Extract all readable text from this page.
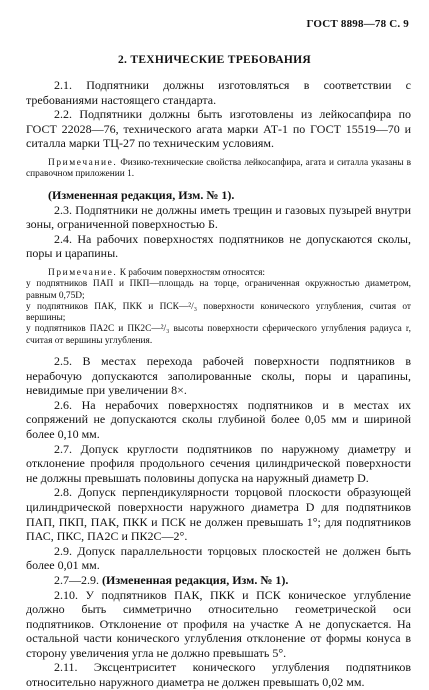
ГОСТ 8898—78 С. 9
2. ТЕХНИЧЕСКИЕ ТРЕБОВАНИЯ

2.1. Подпятники должны изготовляться в соответствии с требованиями настоящего стандарта.

2.2. Подпятники должны быть изготовлены из лейкосапфира по ГОСТ 22028—76, технического агата марки АТ-1 по ГОСТ 15519—70 и ситалла марки ТЦ-27 по техническим условиям.

Примечание. Физико-технические свойства лейкосапфира, агата и ситалла указаны в справочном приложении 1.

(Измененная редакция, Изм. № 1).

2.3. Подпятники не должны иметь трещин и газовых пузырей внутри зоны, ограниченной поверхностью Б.

2.4. На рабочих поверхностях подпятников не допускаются сколы, поры и царапины.

Примечание. К рабочим поверхностям относятся:
у подпятников ПАП и ПКП—площадь на торце, ограниченная окружностью диаметром, равным 0,75D;
у подпятников ПАК, ПКК и ПСК—²/₃ поверхности конического углубления, считая от вершины;
у подпятников ПА2С и ПК2С—²/₃ высоты поверхности сферического углубления радиуса r, считая от вершины углубления.

2.5. В местах перехода рабочей поверхности подпятников в нерабочую допускаются заполированные сколы, поры и царапины, невидимые при увеличении 8×.

2.6. На нерабочих поверхностях подпятников и в местах их сопряжений не допускаются сколы глубиной более 0,05 мм и шириной более 0,10 мм.

2.7. Допуск круглости подпятников по наружному диаметру и отклонение профиля продольного сечения цилиндрической поверхности не должны превышать половины допуска на наружный диаметр D.

2.8. Допуск перпендикулярности торцовой плоскости образующей цилиндрической поверхности наружного диаметра D для подпятников ПАП, ПКП, ПАК, ПКК и ПСК не должен превышать 1°; для подпятников ПАС, ПКС, ПА2С и ПК2С—2°.

2.9. Допуск параллельности торцовых плоскостей не должен быть более 0,01 мм.

2.7—2.9. (Измененная редакция, Изм. № 1).

2.10. У подпятников ПАК, ПКК и ПСК коническое углубление должно быть симметрично относительно геометрической оси подпятников. Отклонение от профиля на участке А не допускается. На остальной части конического углубления отклонение от формы конуса в сторону увеличения угла не должно превышать 5°.

2.11. Эксцентриситет конического углубления подпятников относительно наружного диаметра не должен превышать 0,02 мм.
